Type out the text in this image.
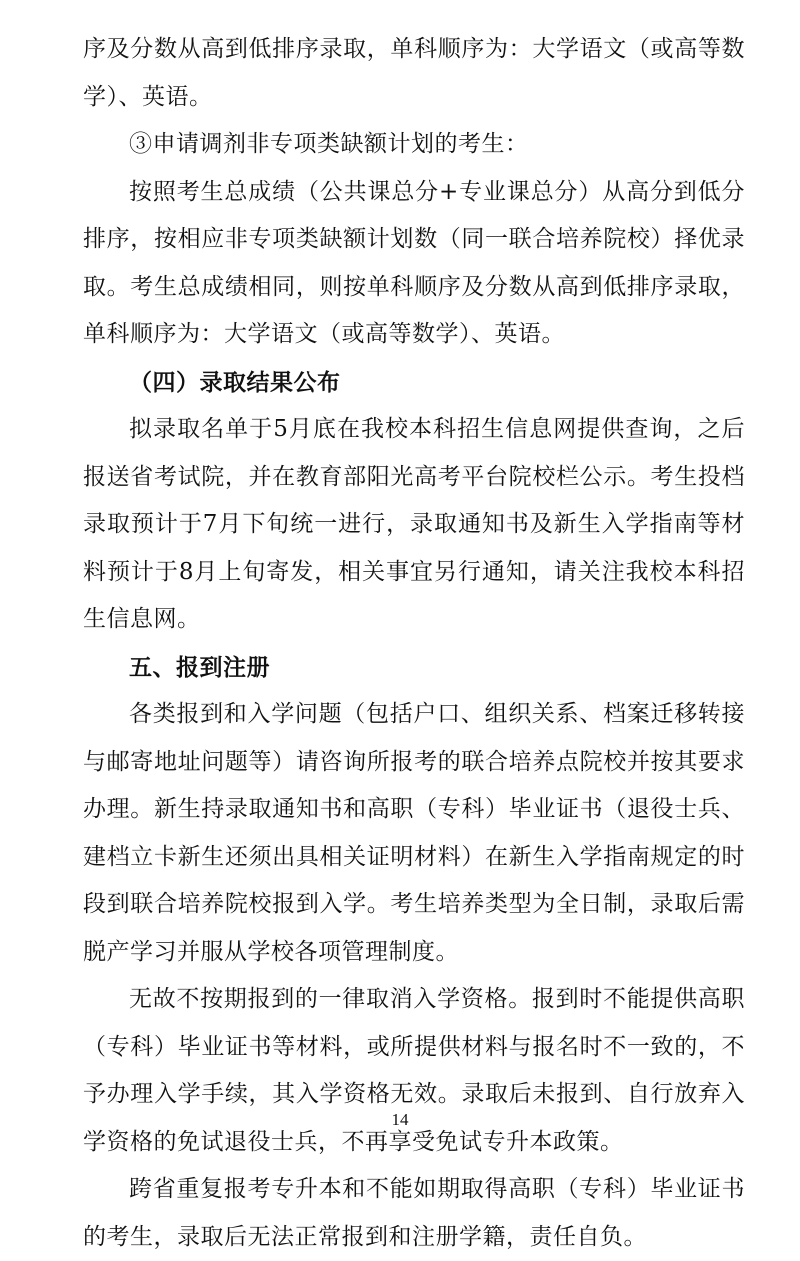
序及分数从高到低排序录取，单科顺序为：大学语文（或高等数学）、英语。

③申请调剂非专项类缺额计划的考生：

按照考生总成绩（公共课总分+专业课总分）从高分到低分排序，按相应非专项类缺额计划数（同一联合培养院校）择优录取。考生总成绩相同，则按单科顺序及分数从高到低排序录取，单科顺序为：大学语文（或高等数学）、英语。

（四）录取结果公布

拟录取名单于5月底在我校本科招生信息网提供查询，之后报送省考试院，并在教育部阳光高考平台院校栏公示。考生投档录取预计于7月下旬统一进行，录取通知书及新生入学指南等材料预计于8月上旬寄发，相关事宜另行通知，请关注我校本科招生信息网。

五、报到注册

各类报到和入学问题（包括户口、组织关系、档案迁移转接与邮寄地址问题等）请咨询所报考的联合培养点院校并按其要求办理。新生持录取通知书和高职（专科）毕业证书（退役士兵、建档立卡新生还须出具相关证明材料）在新生入学指南规定的时段到联合培养院校报到入学。考生培养类型为全日制，录取后需脱产学习并服从学校各项管理制度。

无故不按期报到的一律取消入学资格。报到时不能提供高职（专科）毕业证书等材料，或所提供材料与报名时不一致的，不予办理入学手续，其入学资格无效。录取后未报到、自行放弃入学资格的免试退役士兵，不再享受免试专升本政策。

跨省重复报考专升本和不能如期取得高职（专科）毕业证书的考生，录取后无法正常报到和注册学籍，责任自负。

14
